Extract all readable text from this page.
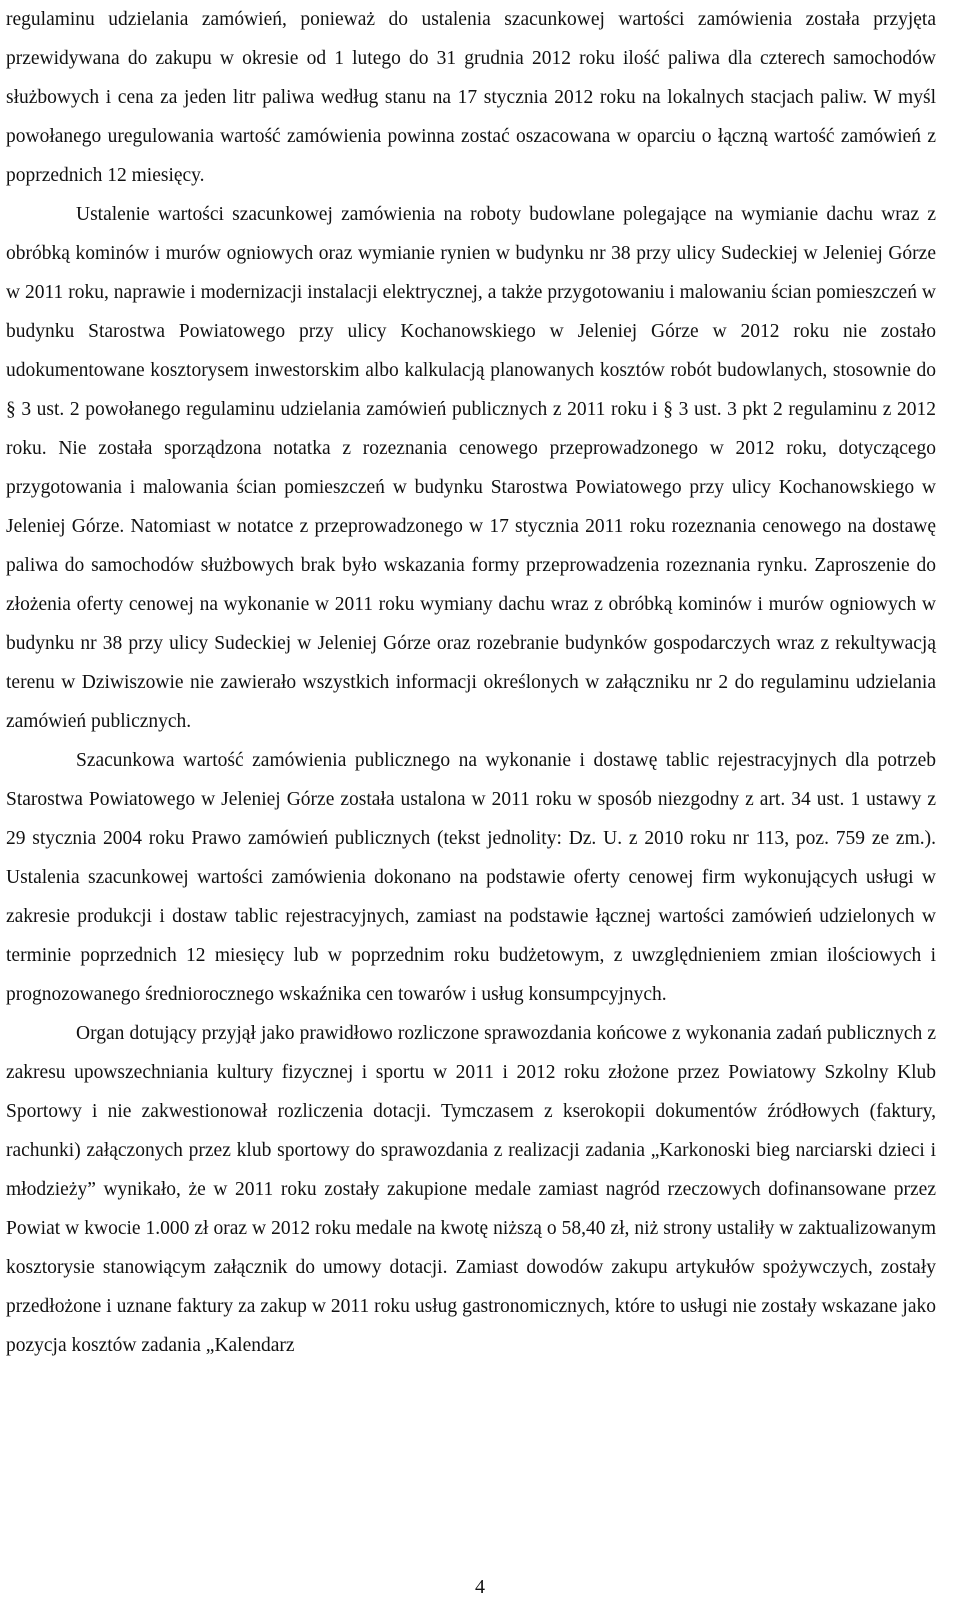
regulaminu udzielania zamówień, ponieważ do ustalenia szacunkowej wartości zamówienia została przyjęta przewidywana do zakupu w okresie od 1 lutego do 31 grudnia 2012 roku ilość paliwa dla czterech samochodów służbowych i cena za jeden litr paliwa według stanu na 17 stycznia 2012 roku na lokalnych stacjach paliw. W myśl powołanego uregulowania wartość zamówienia powinna zostać oszacowana w oparciu o łączną wartość zamówień z poprzednich 12 miesięcy.

Ustalenie wartości szacunkowej zamówienia na roboty budowlane polegające na wymianie dachu wraz z obróbką kominów i murów ogniowych oraz wymianie rynien w budynku nr 38 przy ulicy Sudeckiej w Jeleniej Górze w 2011 roku, naprawie i modernizacji instalacji elektrycznej, a także przygotowaniu i malowaniu ścian pomieszczeń w budynku Starostwa Powiatowego przy ulicy Kochanowskiego w Jeleniej Górze w 2012 roku nie zostało udokumentowane kosztorysem inwestorskim albo kalkulacją planowanych kosztów robót budowlanych, stosownie do § 3 ust. 2 powołanego regulaminu udzielania zamówień publicznych z 2011 roku i § 3 ust. 3 pkt 2 regulaminu z 2012 roku. Nie została sporządzona notatka z rozeznania cenowego przeprowadzonego w 2012 roku, dotyczącego przygotowania i malowania ścian pomieszczeń w budynku Starostwa Powiatowego przy ulicy Kochanowskiego w Jeleniej Górze. Natomiast w notatce z przeprowadzonego w 17 stycznia 2011 roku rozeznania cenowego na dostawę paliwa do samochodów służbowych brak było wskazania formy przeprowadzenia rozeznania rynku. Zaproszenie do złożenia oferty cenowej na wykonanie w 2011 roku wymiany dachu wraz z obróbką kominów i murów ogniowych w budynku nr 38 przy ulicy Sudeckiej w Jeleniej Górze oraz rozebranie budynków gospodarczych wraz z rekultywacją terenu w Dziwiszowie nie zawierało wszystkich informacji określonych w załączniku nr 2 do regulaminu udzielania zamówień publicznych.

Szacunkowa wartość zamówienia publicznego na wykonanie i dostawę tablic rejestracyjnych dla potrzeb Starostwa Powiatowego w Jeleniej Górze została ustalona w 2011 roku w sposób niezgodny z art. 34 ust. 1 ustawy z 29 stycznia 2004 roku Prawo zamówień publicznych (tekst jednolity: Dz. U. z 2010 roku nr 113, poz. 759 ze zm.). Ustalenia szacunkowej wartości zamówienia dokonano na podstawie oferty cenowej firm wykonujących usługi w zakresie produkcji i dostaw tablic rejestracyjnych, zamiast na podstawie łącznej wartości zamówień udzielonych w terminie poprzednich 12 miesięcy lub w poprzednim roku budżetowym, z uwzględnieniem zmian ilościowych i prognozowanego średniorocznego wskaźnika cen towarów i usług konsumpcyjnych.

Organ dotujący przyjął jako prawidłowo rozliczone sprawozdania końcowe z wykonania zadań publicznych z zakresu upowszechniania kultury fizycznej i sportu w 2011 i 2012 roku złożone przez Powiatowy Szkolny Klub Sportowy i nie zakwestionował rozliczenia dotacji. Tymczasem z kserokopii dokumentów źródłowych (faktury, rachunki) załączonych przez klub sportowy do sprawozdania z realizacji zadania „Karkonoski bieg narciarski dzieci i młodzieży” wynikało, że w 2011 roku zostały zakupione medale zamiast nagród rzeczowych dofinansowane przez Powiat w kwocie 1.000 zł oraz w 2012 roku medale na kwotę niższą o 58,40 zł, niż strony ustaliły w zaktualizowanym kosztorysie stanowiącym załącznik do umowy dotacji. Zamiast dowodów zakupu artykułów spożywczych, zostały przedłożone i uznane faktury za zakup w 2011 roku usług gastronomicznych, które to usługi nie zostały wskazane jako pozycja kosztów zadania „Kalendarz

4
